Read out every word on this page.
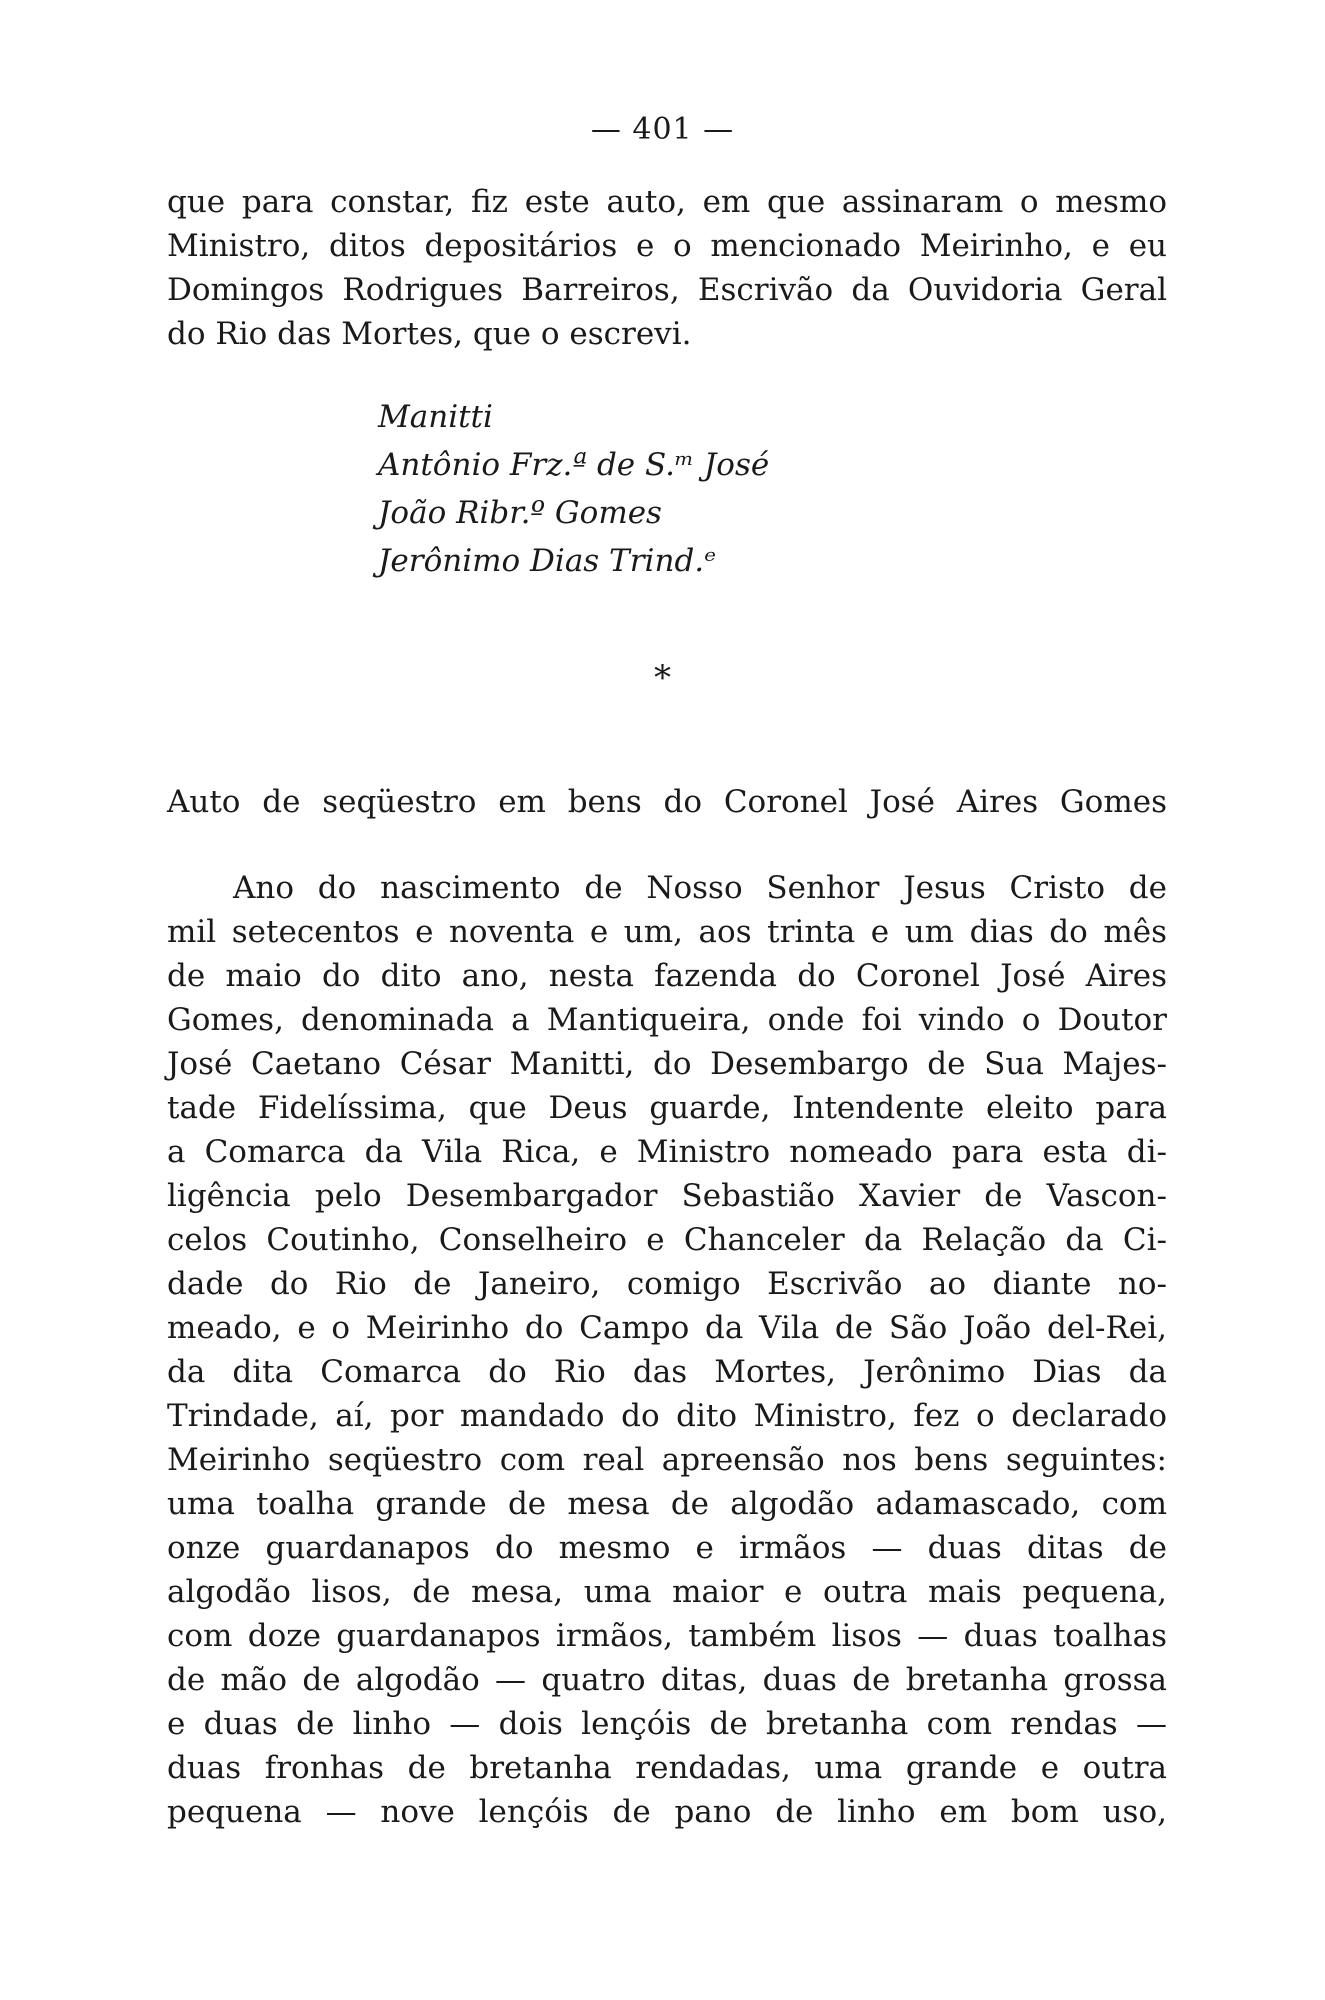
— 401 —
que para constar, fiz este auto, em que assinaram o mesmo
Ministro, ditos depositários e o mencionado Meirinho, e eu
Domingos Rodrigues Barreiros, Escrivão da Ouvidoria Geral
do Rio das Mortes, que o escrevi.
Manitti
Antônio Frz.ª de S.ᵐ José
João Ribr.º Gomes
Jerônimo Dias Trind.ᵉ
*
Auto de seqüestro em bens do Coronel José Aires Gomes
Ano do nascimento de Nosso Senhor Jesus Cristo de
mil setecentos e noventa e um, aos trinta e um dias do mês
de maio do dito ano, nesta fazenda do Coronel José Aires
Gomes, denominada a Mantiqueira, onde foi vindo o Doutor
José Caetano César Manitti, do Desembargo de Sua Majes-
tade Fidelíssima, que Deus guarde, Intendente eleito para
a Comarca da Vila Rica, e Ministro nomeado para esta di-
ligência pelo Desembargador Sebastião Xavier de Vascon-
celos Coutinho, Conselheiro e Chanceler da Relação da Ci-
dade do Rio de Janeiro, comigo Escrivão ao diante no-
meado, e o Meirinho do Campo da Vila de São João del-Rei,
da dita Comarca do Rio das Mortes, Jerônimo Dias da
Trindade, aí, por mandado do dito Ministro, fez o declarado
Meirinho seqüestro com real apreensão nos bens seguintes:
uma toalha grande de mesa de algodão adamascado, com
onze guardanapos do mesmo e irmãos — duas ditas de
algodão lisos, de mesa, uma maior e outra mais pequena,
com doze guardanapos irmãos, também lisos — duas toalhas
de mão de algodão — quatro ditas, duas de bretanha grossa
e duas de linho — dois lençóis de bretanha com rendas —
duas fronhas de bretanha rendadas, uma grande e outra
pequena — nove lençóis de pano de linho em bom uso,
